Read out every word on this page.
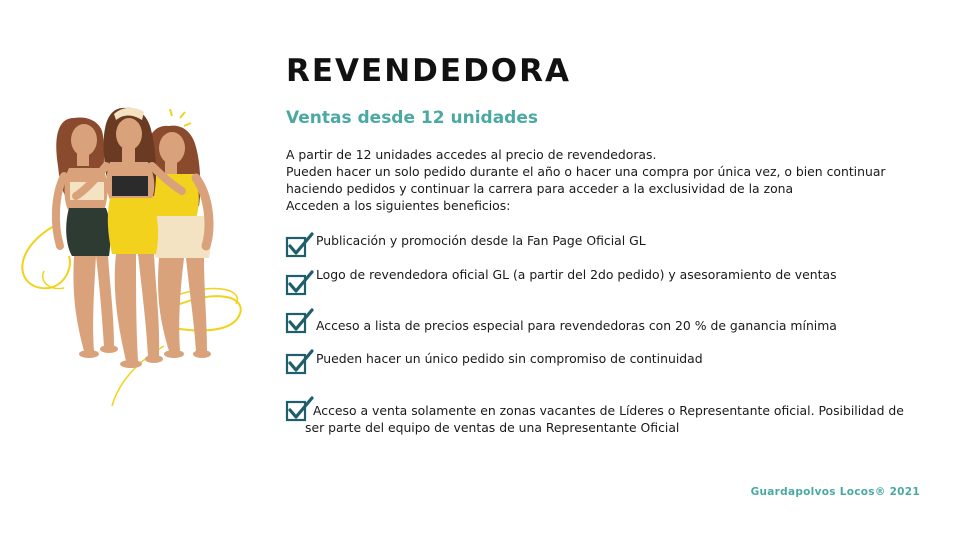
REVENDEDORA
Ventas desde 12 unidades

A partir de 12 unidades accedes al precio de revendedoras.

Pueden hacer un solo pedido durante el año o hacer una compra por única vez, o bien continuar haciendo pedidos y continuar la carrera para acceder a la exclusividad de la zona

Acceden a los siguientes beneficios:

Publicación y promoción desde la Fan Page Oficial GL
Logo de revendedora oficial GL (a partir del 2do pedido) y asesoramiento de ventas
Acceso a lista de precios especial para revendedoras con 20 % de ganancia mínima
Pueden hacer un único pedido sin compromiso de continuidad
Acceso a venta solamente en zonas vacantes de Líderes o Representante oficial. Posibilidad de
ser parte del equipo de ventas de una Representante Oficial
Guardapolvos Locos® 2021
